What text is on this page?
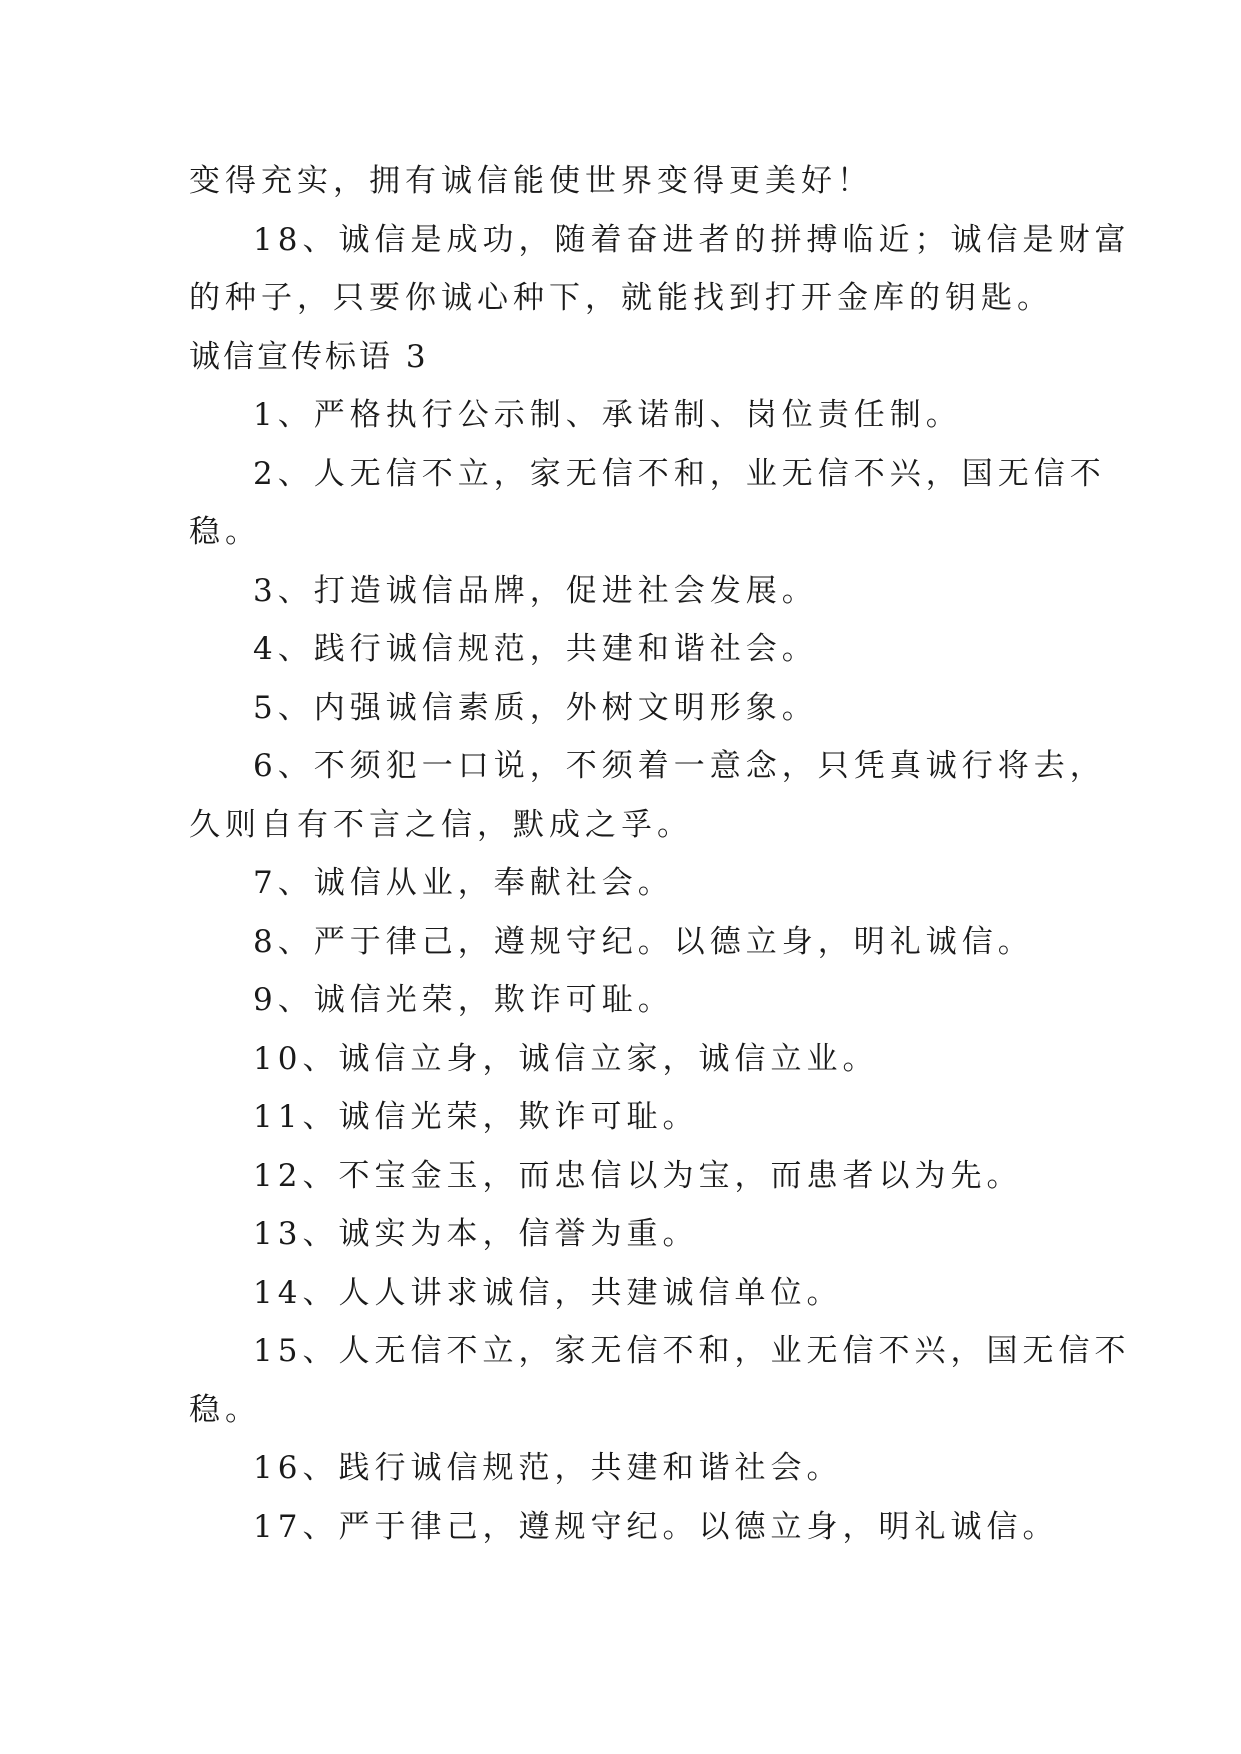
变得充实，拥有诚信能使世界变得更美好！

18、诚信是成功，随着奋进者的拼搏临近；诚信是财富

的种子，只要你诚心种下，就能找到打开金库的钥匙。

诚信宣传标语 3

1、严格执行公示制、承诺制、岗位责任制。

2、人无信不立，家无信不和，业无信不兴，国无信不

稳。

3、打造诚信品牌，促进社会发展。

4、践行诚信规范，共建和谐社会。

5、内强诚信素质，外树文明形象。

6、不须犯一口说，不须着一意念，只凭真诚行将去，

久则自有不言之信，默成之孚。

7、诚信从业，奉献社会。

8、严于律己，遵规守纪。以德立身，明礼诚信。

9、诚信光荣，欺诈可耻。

10、诚信立身，诚信立家，诚信立业。

11、诚信光荣，欺诈可耻。

12、不宝金玉，而忠信以为宝，而患者以为先。

13、诚实为本，信誉为重。

14、人人讲求诚信，共建诚信单位。

15、人无信不立，家无信不和，业无信不兴，国无信不

稳。

16、践行诚信规范，共建和谐社会。

17、严于律己，遵规守纪。以德立身，明礼诚信。
